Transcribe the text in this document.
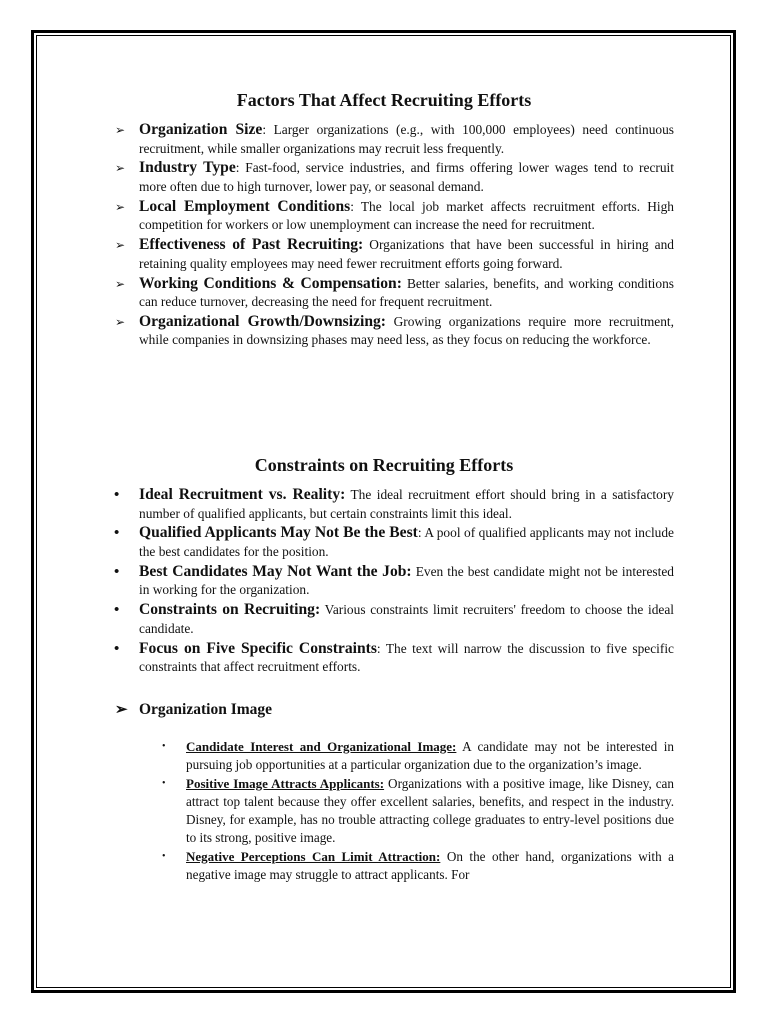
Factors That Affect Recruiting Efforts
➢ Organization Size: Larger organizations (e.g., with 100,000 employees) need continuous recruitment, while smaller organizations may recruit less frequently.
➢ Industry Type: Fast-food, service industries, and firms offering lower wages tend to recruit more often due to high turnover, lower pay, or seasonal demand.
➢ Local Employment Conditions: The local job market affects recruitment efforts. High competition for workers or low unemployment can increase the need for recruitment.
➢ Effectiveness of Past Recruiting: Organizations that have been successful in hiring and retaining quality employees may need fewer recruitment efforts going forward.
➢ Working Conditions & Compensation: Better salaries, benefits, and working conditions can reduce turnover, decreasing the need for frequent recruitment.
➢ Organizational Growth/Downsizing: Growing organizations require more recruitment, while companies in downsizing phases may need less, as they focus on reducing the workforce.
Constraints on Recruiting Efforts
• Ideal Recruitment vs. Reality: The ideal recruitment effort should bring in a satisfactory number of qualified applicants, but certain constraints limit this ideal.
• Qualified Applicants May Not Be the Best: A pool of qualified applicants may not include the best candidates for the position.
• Best Candidates May Not Want the Job: Even the best candidate might not be interested in working for the organization.
• Constraints on Recruiting: Various constraints limit recruiters' freedom to choose the ideal candidate.
• Focus on Five Specific Constraints: The text will narrow the discussion to five specific constraints that affect recruitment efforts.
➢ Organization Image
• Candidate Interest and Organizational Image: A candidate may not be interested in pursuing job opportunities at a particular organization due to the organization’s image.
• Positive Image Attracts Applicants: Organizations with a positive image, like Disney, can attract top talent because they offer excellent salaries, benefits, and respect in the industry. Disney, for example, has no trouble attracting college graduates to entry-level positions due to its strong, positive image.
• Negative Perceptions Can Limit Attraction: On the other hand, organizations with a negative image may struggle to attract applicants. For
